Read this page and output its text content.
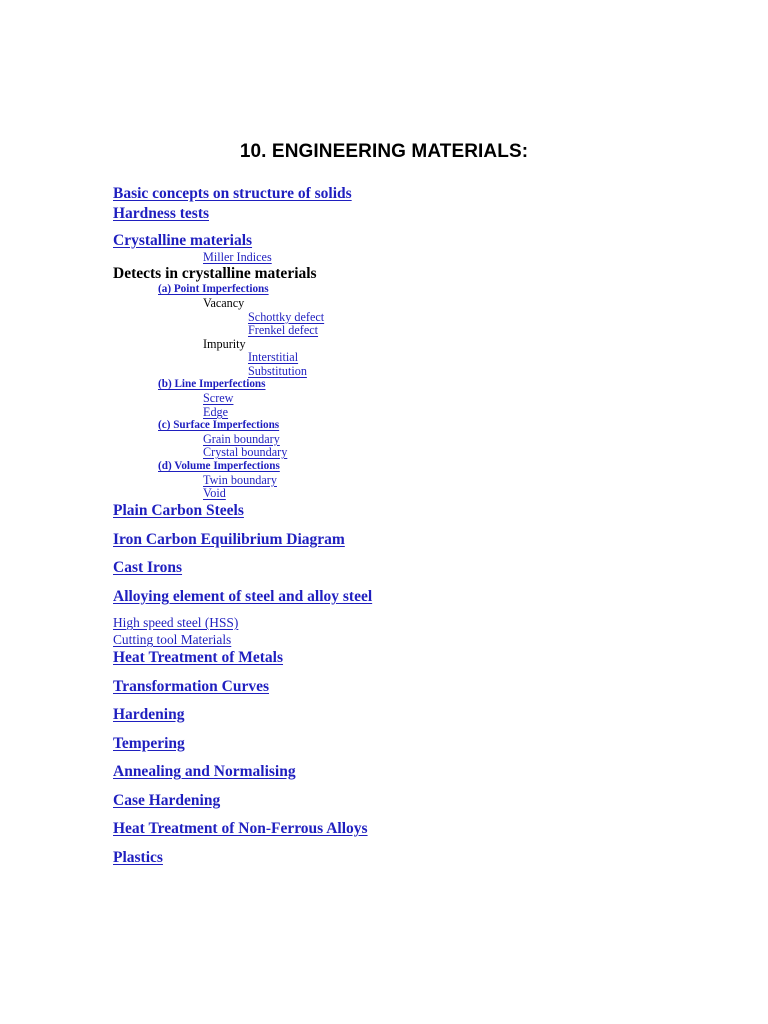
10. ENGINEERING MATERIALS:
Basic concepts on structure of solids
Hardness tests
Crystalline materials
Miller Indices
Detects in crystalline materials
(a) Point Imperfections
Vacancy
Schottky defect
Frenkel defect
Impurity
Interstitial
Substitution
(b) Line Imperfections
Screw
Edge
(c) Surface Imperfections
Grain boundary
Crystal boundary
(d) Volume Imperfections
Twin boundary
Void
Plain Carbon Steels
Iron Carbon Equilibrium Diagram
Cast Irons
Alloying element of steel and alloy steel
High speed steel (HSS)
Cutting tool Materials
Heat Treatment of Metals
Transformation Curves
Hardening
Tempering
Annealing and Normalising
Case Hardening
Heat Treatment of Non-Ferrous Alloys
Plastics
